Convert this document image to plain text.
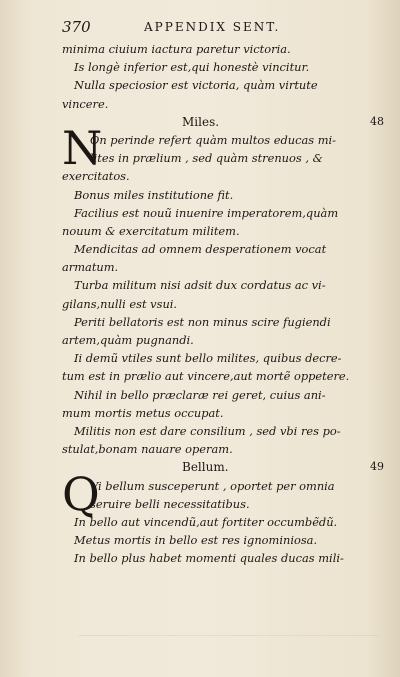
370	APPENDIX SENT.
minima ciuium iactura paretur victoria.
Is longè inferior est,qui honestè vincitur.
Nulla speciosior est victoria, quàm virtute
vincere.
Miles.	48
N
On perinde refert quàm multos educas mi-
lites in prælium , sed quàm strenuos , &
exercitatos.
Bonus miles institutione fit.
Facilius est nouũ inuenire imperatorem,quàm
nouum & exercitatum militem.
Mendicitas ad omnem desperationem vocat
armatum.
Turba militum nisi adsit dux cordatus ac vi-
gilans,nulli est vsui.
Periti bellatoris est non minus scire fugiendi
artem,quàm pugnandi.
Ii demũ vtiles sunt bello milites, quibus decre-
tum est in prælio aut vincere,aut mortẽ oppetere.
Nihil in bello præclaræ rei geret, cuius ani-
mum mortis metus occupat.
Militis non est dare consilium , sed vbi res po-
stulat,bonam nauare operam.
Bellum.	49
Q
Vi bellum susceperunt , oportet per omnia
seruire belli necessitatibus.
In bello aut vincendũ,aut fortiter occumbẽdũ.
Metus mortis in bello est res ignominiosa.
In bello plus habet momenti quales ducas mili-
